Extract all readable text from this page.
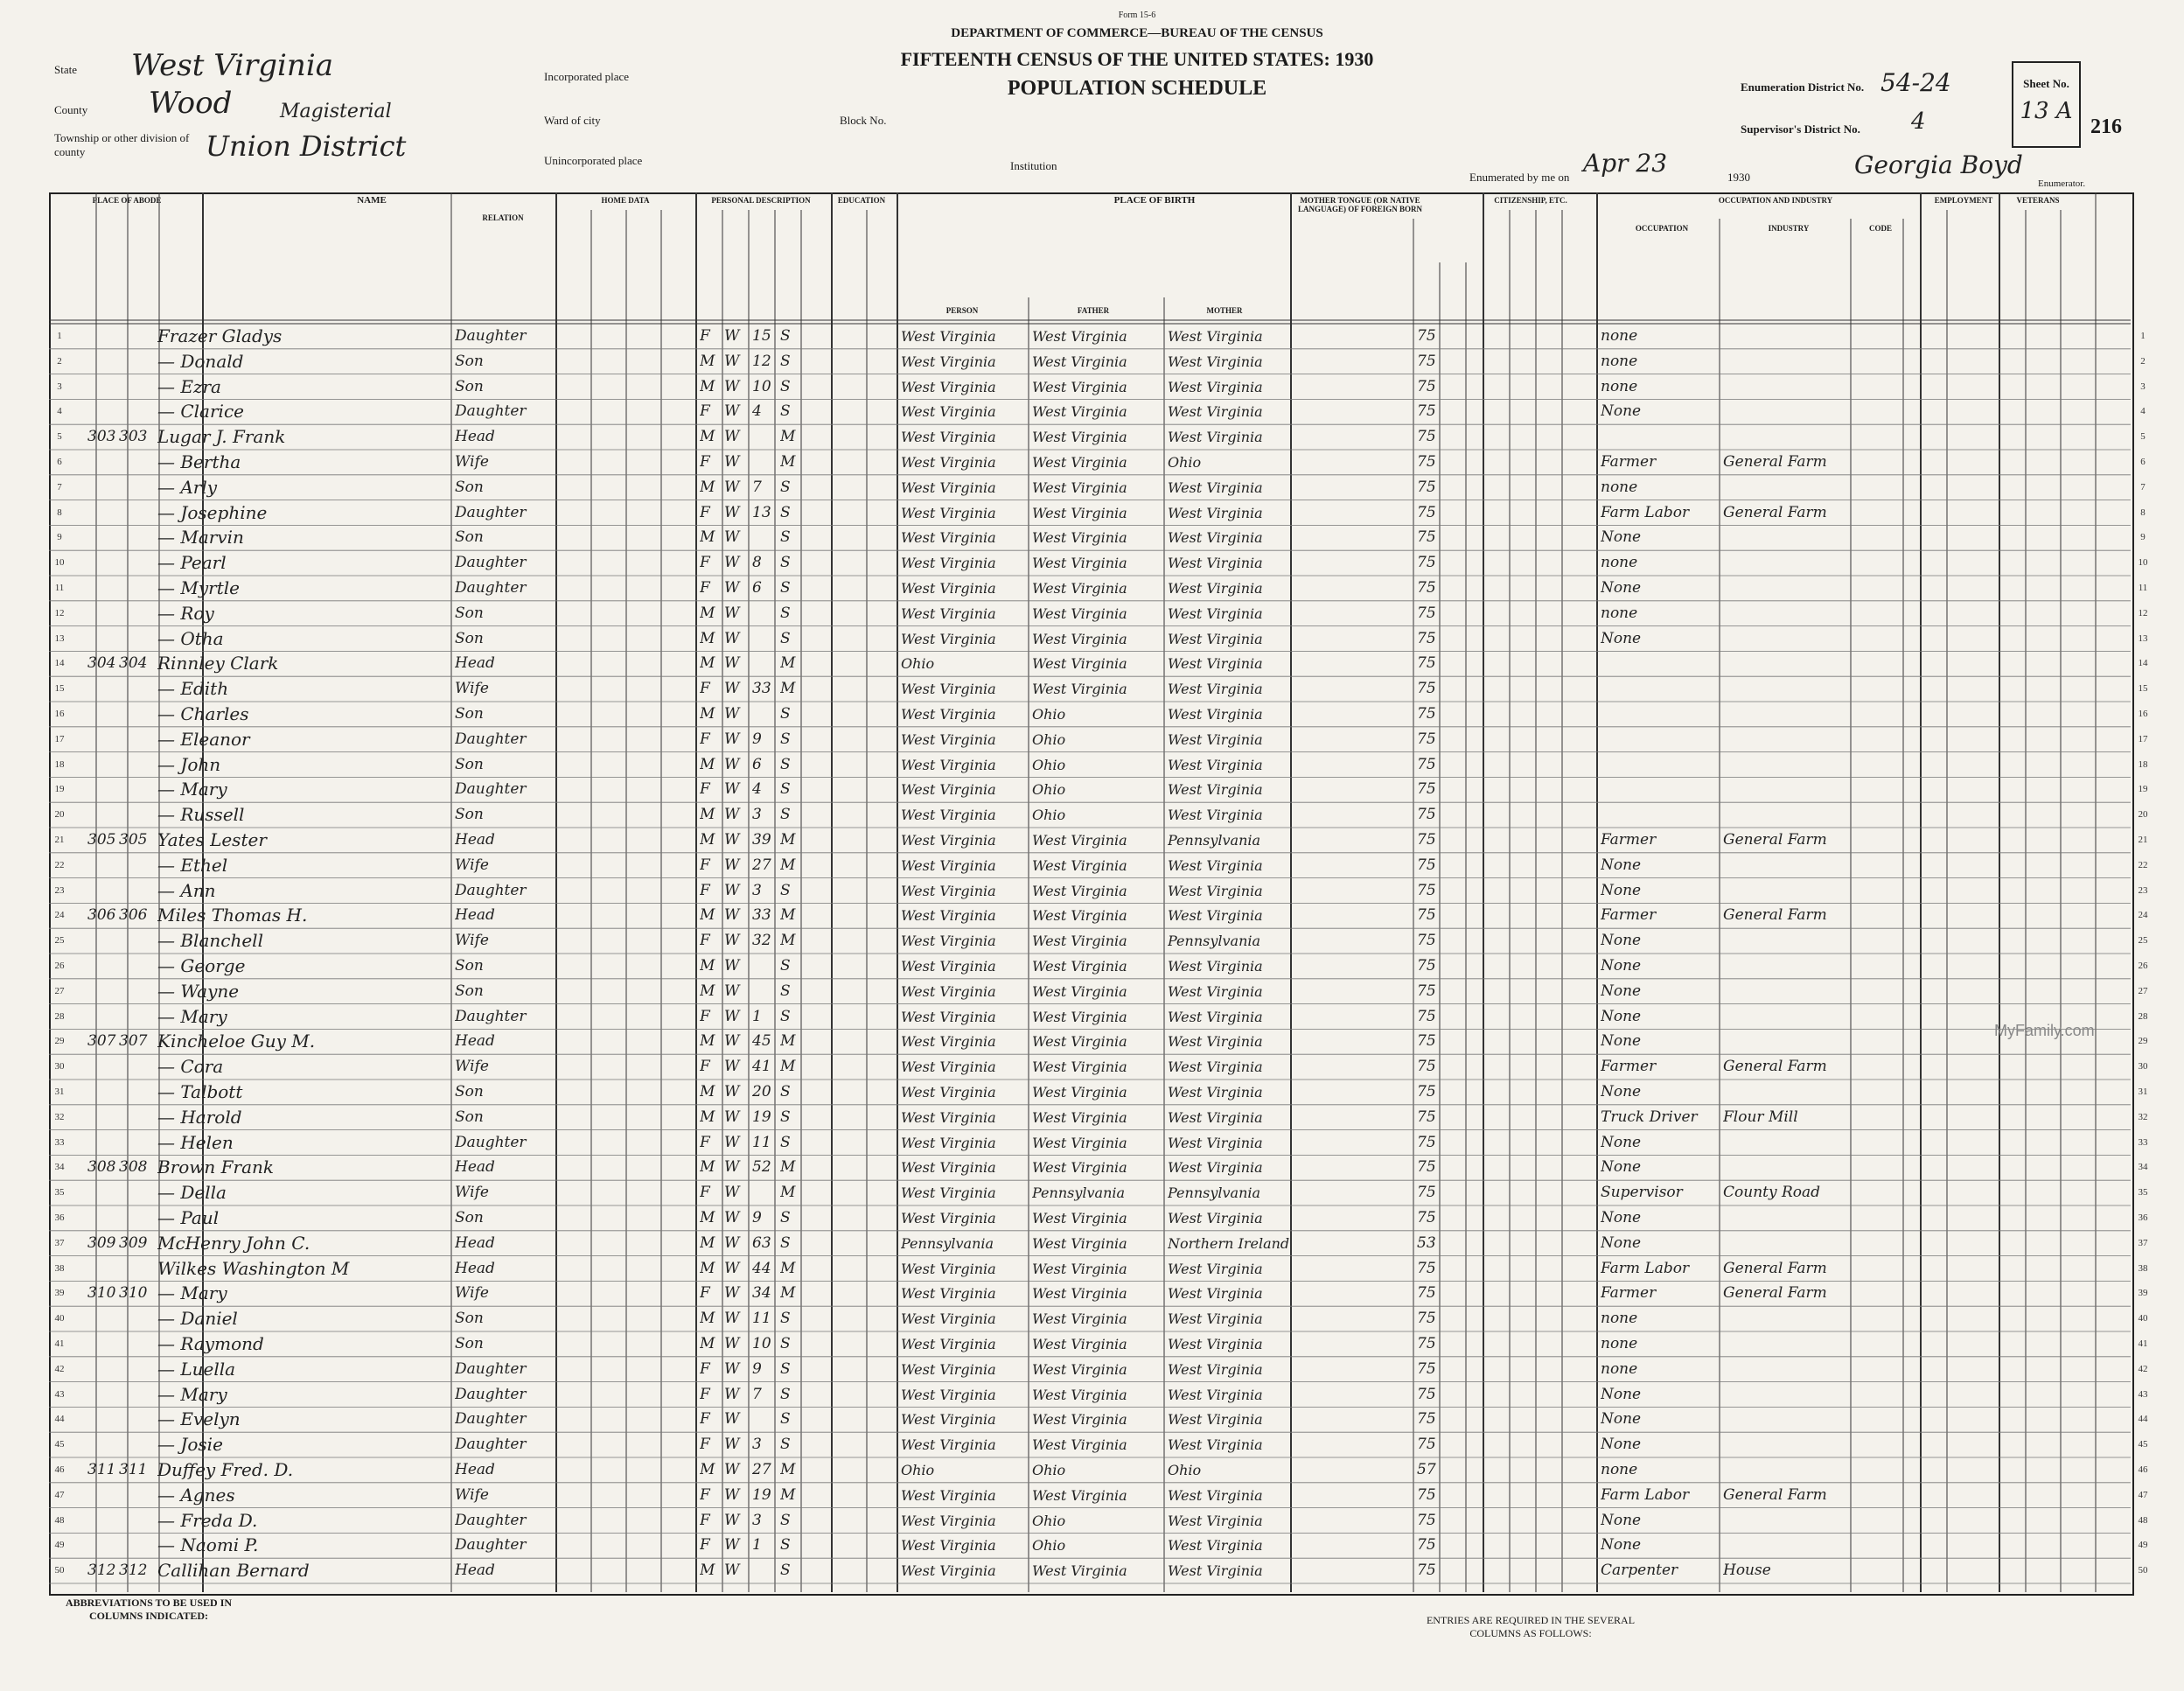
State West Virginia
County Wood
Township or other division of county
Magisterial
Union District
Incorporated place
Ward of city	Block No.
Unincorporated place	Institution
Form 15-6
DEPARTMENT OF COMMERCE—BUREAU OF THE CENSUS
FIFTEENTH CENSUS OF THE UNITED STATES: 1930
POPULATION SCHEDULE	Enumeration District No. 54-24
Supervisor's District No. 4
Sheet No.
13 A
216
Enumerated by me on Apr 23	1930	Georgia Boyd
Enumerator.
PLACE OF ABODE	NAME
RELATION
HOME DATA	PERSONAL DESCRIPTION	EDUCATION	PLACE OF BIRTH
PERSON	FATHER	MOTHER
MOTHER TONGUE (OR NATIVE LANGUAGE) OF FOREIGN BORN
CITIZENSHIP, ETC.	OCCUPATION AND INDUSTRY
OCCUPATION	INDUSTRY	CODE
EMPLOYMENT	VETERANS
MyFamily.com
1	1
Frazer Gladys	Daughter	F W 15 S	West Virginia	West Virginia	West Virginia	75	none
2	2
— Donald	Son	M W 12 S	West Virginia	West Virginia	West Virginia	75	none
3	3
— Ezra	Son	M W 10 S	West Virginia	West Virginia	West Virginia	75	none
4	4
— Clarice	Daughter	F W 4	S	West Virginia	West Virginia	West Virginia	75	None
5	5
303 303 Lugar J. Frank	Head	M W	M	West Virginia	West Virginia	West Virginia	75
6	6
— Bertha	Wife	F W	M	West Virginia	West Virginia	Ohio	75	Farmer	General Farm
7	7
— Arly	Son	M W 7	S	West Virginia	West Virginia	West Virginia	75	none
8	8
— Josephine	Daughter	F W 13 S	West Virginia	West Virginia	West Virginia	75	Farm Labor	General Farm
9	9
— Marvin	Son	M W	S	West Virginia	West Virginia	West Virginia	75	None
10	10
— Pearl	Daughter	F W 8	S	West Virginia	West Virginia	West Virginia	75	none
11	11
— Myrtle	Daughter	F W 6	S	West Virginia	West Virginia	West Virginia	75	None
12	12
— Roy	Son	M W	S	West Virginia	West Virginia	West Virginia	75	none
13	13
— Otha	Son	M W	S	West Virginia	West Virginia	West Virginia	75	None
14	14
304 304 Rinnley Clark	Head	M W	M	Ohio	West Virginia	West Virginia	75
15	15
— Edith	Wife	F W 33 M	West Virginia	West Virginia	West Virginia	75
16	16
— Charles	Son	M W	S	West Virginia	Ohio	West Virginia	75
17	17
— Eleanor	Daughter	F W 9	S	West Virginia	Ohio	West Virginia	75
18	18
— John	Son	M W 6	S	West Virginia	Ohio	West Virginia	75
19	19
— Mary	Daughter	F W 4	S	West Virginia	Ohio	West Virginia	75
20	20
— Russell	Son	M W 3	S	West Virginia	Ohio	West Virginia	75
21	21
305 305 Yates Lester	Head	M W 39 M	West Virginia	West Virginia	Pennsylvania	75	Farmer	General Farm
22	22
— Ethel	Wife	F W 27 M	West Virginia	West Virginia	West Virginia	75	None
23	23
— Ann	Daughter	F W 3	S	West Virginia	West Virginia	West Virginia	75	None
24	24
306 306 Miles Thomas H.	Head	M W 33 M	West Virginia	West Virginia	West Virginia	75	Farmer	General Farm
25	25
— Blanchell	Wife	F W 32 M	West Virginia	West Virginia	Pennsylvania	75	None
26	26
— George	Son	M W	S	West Virginia	West Virginia	West Virginia	75	None
27	27
— Wayne	Son	M W	S	West Virginia	West Virginia	West Virginia	75	None
28	28
— Mary	Daughter	F W 1	S	West Virginia	West Virginia	West Virginia	75	None
29	29
307 307 Kincheloe Guy M.	Head	M W 45 M	West Virginia	West Virginia	West Virginia	75	None
30	30
— Cora	Wife	F W 41 M	West Virginia	West Virginia	West Virginia	75	Farmer	General Farm
31	31
— Talbott	Son	M W 20 S	West Virginia	West Virginia	West Virginia	75	None
32	32
— Harold	Son	M W 19 S	West Virginia	West Virginia	West Virginia	75	Truck Driver	Flour Mill
33	33
— Helen	Daughter	F W 11 S	West Virginia	West Virginia	West Virginia	75	None
34	34
308 308 Brown Frank	Head	M W 52 M	West Virginia	West Virginia	West Virginia	75	None
35	35
— Della	Wife	F W	M	West Virginia	Pennsylvania	Pennsylvania	75	Supervisor	County Road
36	36
— Paul	Son	M W 9	S	West Virginia	West Virginia	West Virginia	75	None
37	37
309 309 McHenry John C.	Head	M W 63 S	Pennsylvania	West Virginia	Northern Ireland	53	None
38	38
Wilkes Washington M	Head	M W 44 M	West Virginia	West Virginia	West Virginia	75	Farm Labor	General Farm
39	39
310 310 — Mary	Wife	F W 34 M	West Virginia	West Virginia	West Virginia	75	Farmer	General Farm
40	40
— Daniel	Son	M W 11 S	West Virginia	West Virginia	West Virginia	75	none
41	41
— Raymond	Son	M W 10 S	West Virginia	West Virginia	West Virginia	75	none
42	42
— Luella	Daughter	F W 9	S	West Virginia	West Virginia	West Virginia	75	none
43	43
— Mary	Daughter	F W 7	S	West Virginia	West Virginia	West Virginia	75	None
44	44
— Evelyn	Daughter	F W	S	West Virginia	West Virginia	West Virginia	75	None
45	45
— Josie	Daughter	F W 3	S	West Virginia	West Virginia	West Virginia	75	None
46	46
311 311 Duffey Fred. D.	Head	M W 27 M	Ohio	Ohio	Ohio	57	none
47	47
— Agnes	Wife	F W 19 M	West Virginia	West Virginia	West Virginia	75	Farm Labor	General Farm
48	48
— Freda D.	Daughter	F W 3	S	West Virginia	Ohio	West Virginia	75	None
49	49
— Naomi P.	Daughter	F W 1	S	West Virginia	Ohio	West Virginia	75	None
50	50
312 312 Callihan Bernard	Head	M W	S	West Virginia	West Virginia	West Virginia	75	Carpenter	House
ABBREVIATIONS TO BE USED IN COLUMNS INDICATED:	ENTRIES ARE REQUIRED IN THE SEVERAL COLUMNS AS FOLLOWS:
